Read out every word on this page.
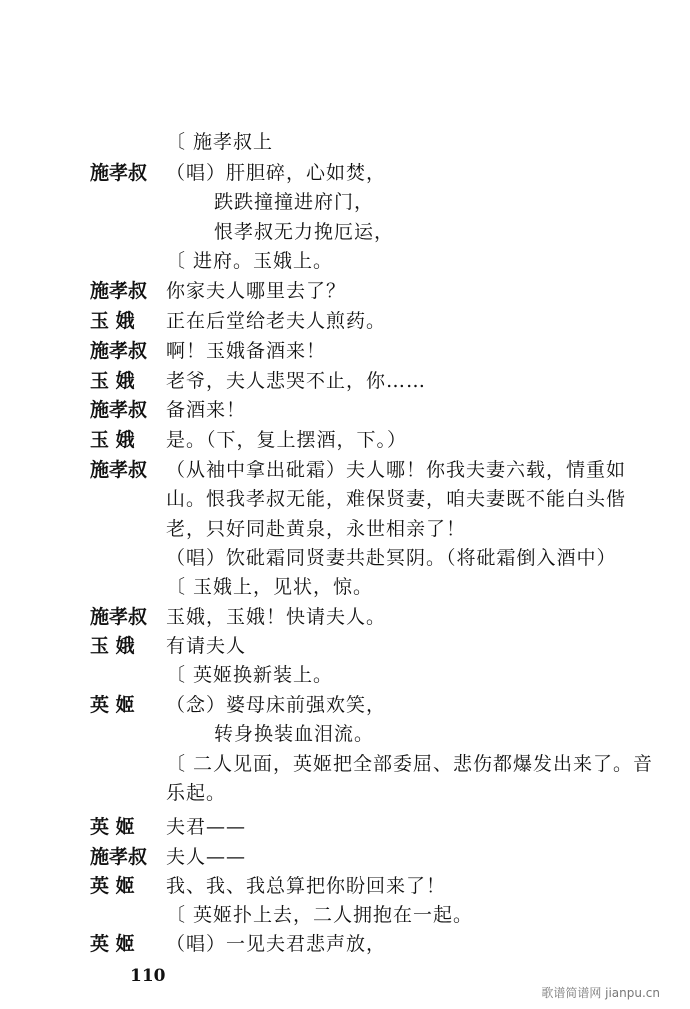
施孝叔
〔 施孝叔上
（唱）肝胆碎，心如焚，
跌跌撞撞进府门，
恨孝叔无力挽厄运，
〔 进府。玉娥上。
施孝叔 你家夫人哪里去了？
玉 娥 正在后堂给老夫人煎药。
施孝叔 啊！玉娥备酒来！
玉 娥 老爷，夫人悲哭不止，你……
施孝叔 备酒来！
玉 娥 是。（下，复上摆酒，下。）
施孝叔 （从袖中拿出砒霜）夫人哪！你我夫妻六载，情重如
山。恨我孝叔无能，难保贤妻，咱夫妻既不能白头偕
老，只好同赴黄泉，永世相亲了！
（唱）饮砒霜同贤妻共赴冥阴。（将砒霜倒入酒中）
〔 玉娥上，见状，惊。
施孝叔 玉娥，玉娥！快请夫人。
玉 娥 有请夫人
〔 英姬换新装上。
英 姬 （念）婆母床前强欢笑，
转身换装血泪流。
〔 二人见面，英姬把全部委屈、悲伤都爆发出来了。音
乐起。
英 姬 夫君——
施孝叔 夫人——
英 姬 我、我、我总算把你盼回来了！
〔 英姬扑上去，二人拥抱在一起。
英 姬 （唱）一见夫君悲声放，
110
歌谱简谱网 jianpu.cn
